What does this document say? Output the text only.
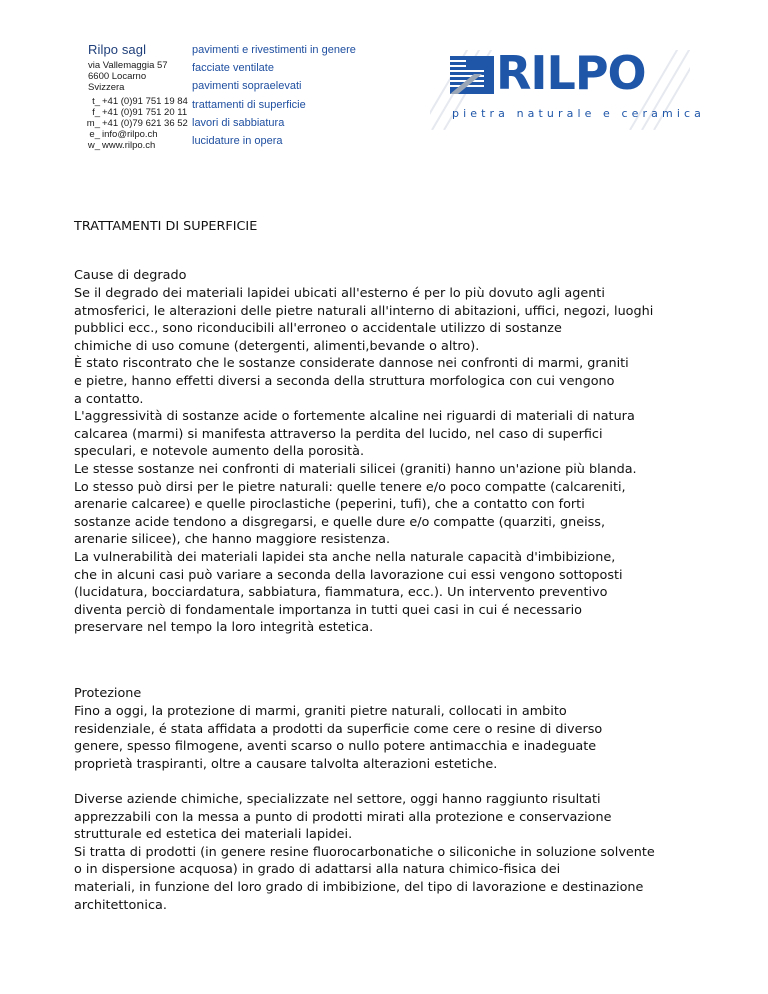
Rilpo sagl
via Vallemaggia 57
6600 Locarno
Svizzera
t_ +41 (0)91 751 19 84
f_ +41 (0)91 751 20 11
m_ +41 (0)79 621 36 52
e_ info@rilpo.ch
w_ www.rilpo.ch
pavimenti e rivestimenti in genere
facciate ventilate
pavimenti sopraelevati
trattamenti di superficie
lavori di sabbiatura
lucidature in opera
RILPO
pietra naturale e ceramica

TRATTAMENTI DI SUPERFICIE

Cause di degrado

Se il degrado dei materiali lapidei ubicati all'esterno é per lo più dovuto agli agenti
atmosferici, le alterazioni delle pietre naturali all'interno di abitazioni, uffici, negozi, luoghi
pubblici ecc., sono riconducibili all'erroneo o accidentale utilizzo di sostanze
chimiche di uso comune (detergenti, alimenti,bevande o altro).
È stato riscontrato che le sostanze considerate dannose nei confronti di marmi, graniti
e pietre, hanno effetti diversi a seconda della struttura morfologica con cui vengono
a contatto.
L'aggressività di sostanze acide o fortemente alcaline nei riguardi di materiali di natura
calcarea (marmi) si manifesta attraverso la perdita del lucido, nel caso di superfici
speculari, e notevole aumento della porosità.
Le stesse sostanze nei confronti di materiali silicei (graniti) hanno un'azione più blanda.
Lo stesso può dirsi per le pietre naturali: quelle tenere e/o poco compatte (calcareniti,
arenarie calcaree) e quelle piroclastiche (peperini, tufi), che a contatto con forti
sostanze acide tendono a disgregarsi, e quelle dure e/o compatte (quarziti, gneiss,
arenarie silicee), che hanno maggiore resistenza.
La vulnerabilità dei materiali lapidei sta anche nella naturale capacità d'imbibizione,
che in alcuni casi può variare a seconda della lavorazione cui essi vengono sottoposti
(lucidatura, bocciardatura, sabbiatura, fiammatura, ecc.). Un intervento preventivo
diventa perciò di fondamentale importanza in tutti quei casi in cui é necessario
preservare nel tempo la loro integrità estetica.

Protezione

Fino a oggi, la protezione di marmi, graniti pietre naturali, collocati in ambito
residenziale, é stata affidata a prodotti da superficie come cere o resine di diverso
genere, spesso filmogene, aventi scarso o nullo potere antimacchia e inadeguate
proprietà traspiranti, oltre a causare talvolta alterazioni estetiche.
Diverse aziende chimiche, specializzate nel settore, oggi hanno raggiunto risultati
apprezzabili con la messa a punto di prodotti mirati alla protezione e conservazione
strutturale ed estetica dei materiali lapidei.
Si tratta di prodotti (in genere resine fluorocarbonatiche o siliconiche in soluzione solvente
o in dispersione acquosa) in grado di adattarsi alla natura chimico-fisica dei
materiali, in funzione del loro grado di imbibizione, del tipo di lavorazione e destinazione
architettonica.
